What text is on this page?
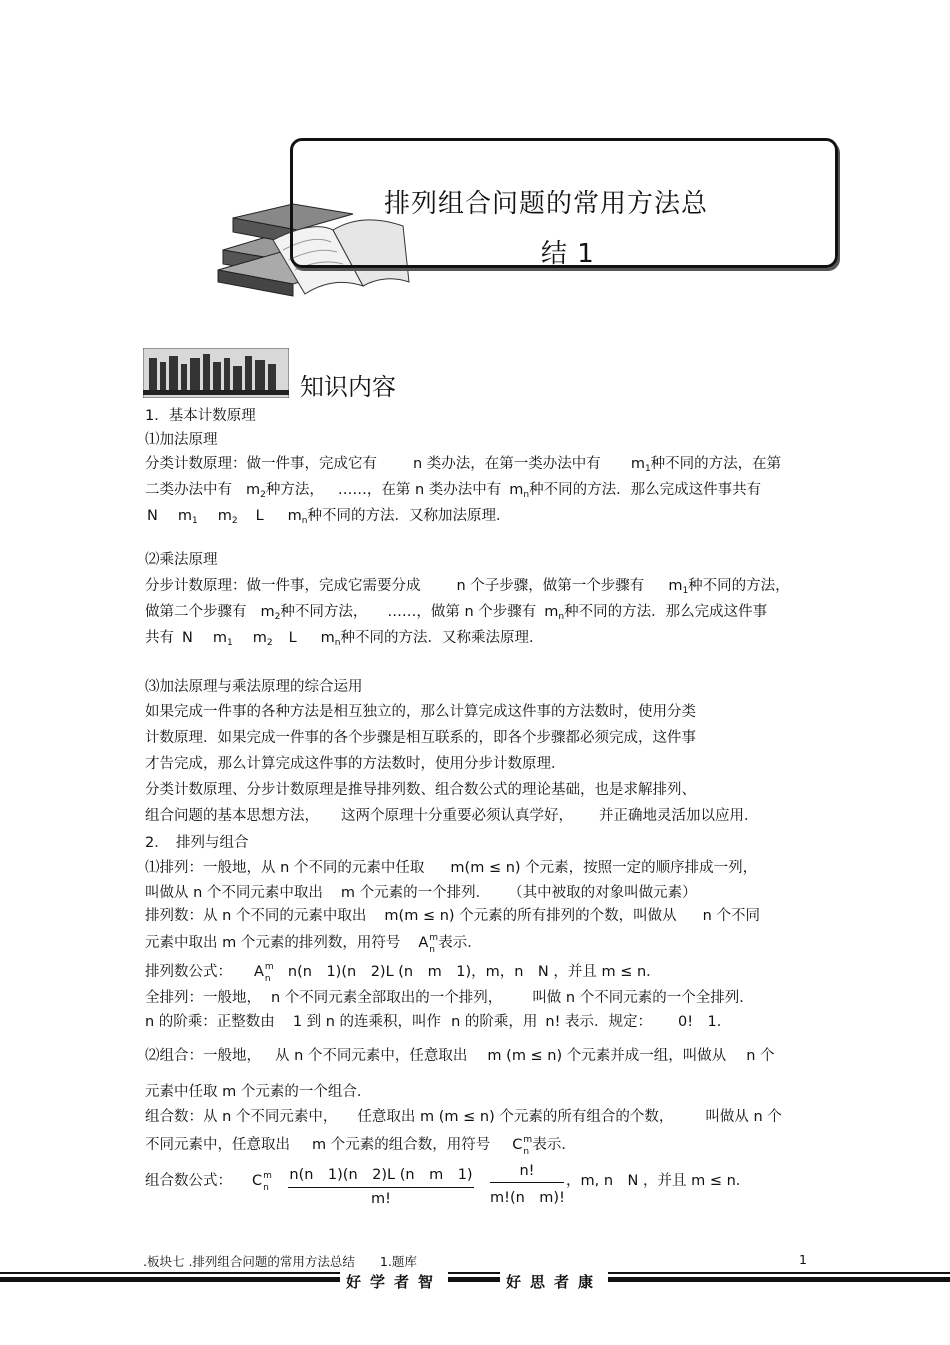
排列组合问题的常用方法总
结 1
知识内容
1．基本计数原理
⑴加法原理
分类计数原理：做一件事，完成它有 n 类办法，在第一类办法中有 $m_1$种不同的方法，在第
二类办法中有 $m_2$种方法， ……，在第 n 类办法中有 $m_n$种不同的方法．那么完成这件事共有
N $m_1$ $m_2$ L $m_n$种不同的方法．又称加法原理．
⑵乘法原理
分步计数原理：做一件事，完成它需要分成 n 个子步骤，做第一个步骤有 $m_1$种不同的方法，
做第二个步骤有 $m_2$种不同方法， ……，做第 n 个步骤有 $m_n$种不同的方法．那么完成这件事
共有 N $m_1$ $m_2$ L $m_n$种不同的方法．又称乘法原理．
⑶加法原理与乘法原理的综合运用
如果完成一件事的各种方法是相互独立的，那么计算完成这件事的方法数时，使用分类
计数原理．如果完成一件事的各个步骤是相互联系的，即各个步骤都必须完成，这件事
才告完成，那么计算完成这件事的方法数时，使用分步计数原理．
分类计数原理、分步计数原理是推导排列数、组合数公式的理论基础，也是求解排列、
组合问题的基本思想方法， 这两个原理十分重要必须认真学好， 并正确地灵活加以应用．
2．　排列与组合
⑴排列：一般地，从 n 个不同的元素中任取 m(m ≤ n) 个元素，按照一定的顺序排成一列，
叫做从 n 个不同元素中取出 m 个元素的一个排列． （其中被取的对象叫做元素）
排列数：从 n 个不同的元素中取出 m(m ≤ n) 个元素的所有排列的个数，叫做从 n 个不同
元素中取出 m 个元素的排列数，用符号 A m
n 表示．
排列数公式： A m
n n(n　1)(n　2)L (n　m　1)，m，n　N ，并且 m ≤ n．
全排列：一般地， n 个不同元素全部取出的一个排列， 叫做 n 个不同元素的一个全排列．
n 的阶乘：正整数由 1 到 n 的连乘积，叫作 n 的阶乘，用 n! 表示．规定： 0!　1．
⑵组合：一般地， 从 n 个不同元素中，任意取出 m (m ≤ n) 个元素并成一组，叫做从 n 个
元素中任取 m 个元素的一个组合．
组合数：从 n 个不同元素中， 任意取出 m (m ≤ n) 个元素的所有组合的个数， 叫做从 n 个
不同元素中，任意取出 m 个元素的组合数，用符号 C m
n 表示．
组合数公式： C m
n
n(n　1)(n　2)L (n　m　1)
m!
n!
m!(n　m)!
，m, n　N ，并且 m ≤ n．
.板块七 .排列组合问题的常用方法总结　　1.题库	1
好学者智	好思者康
